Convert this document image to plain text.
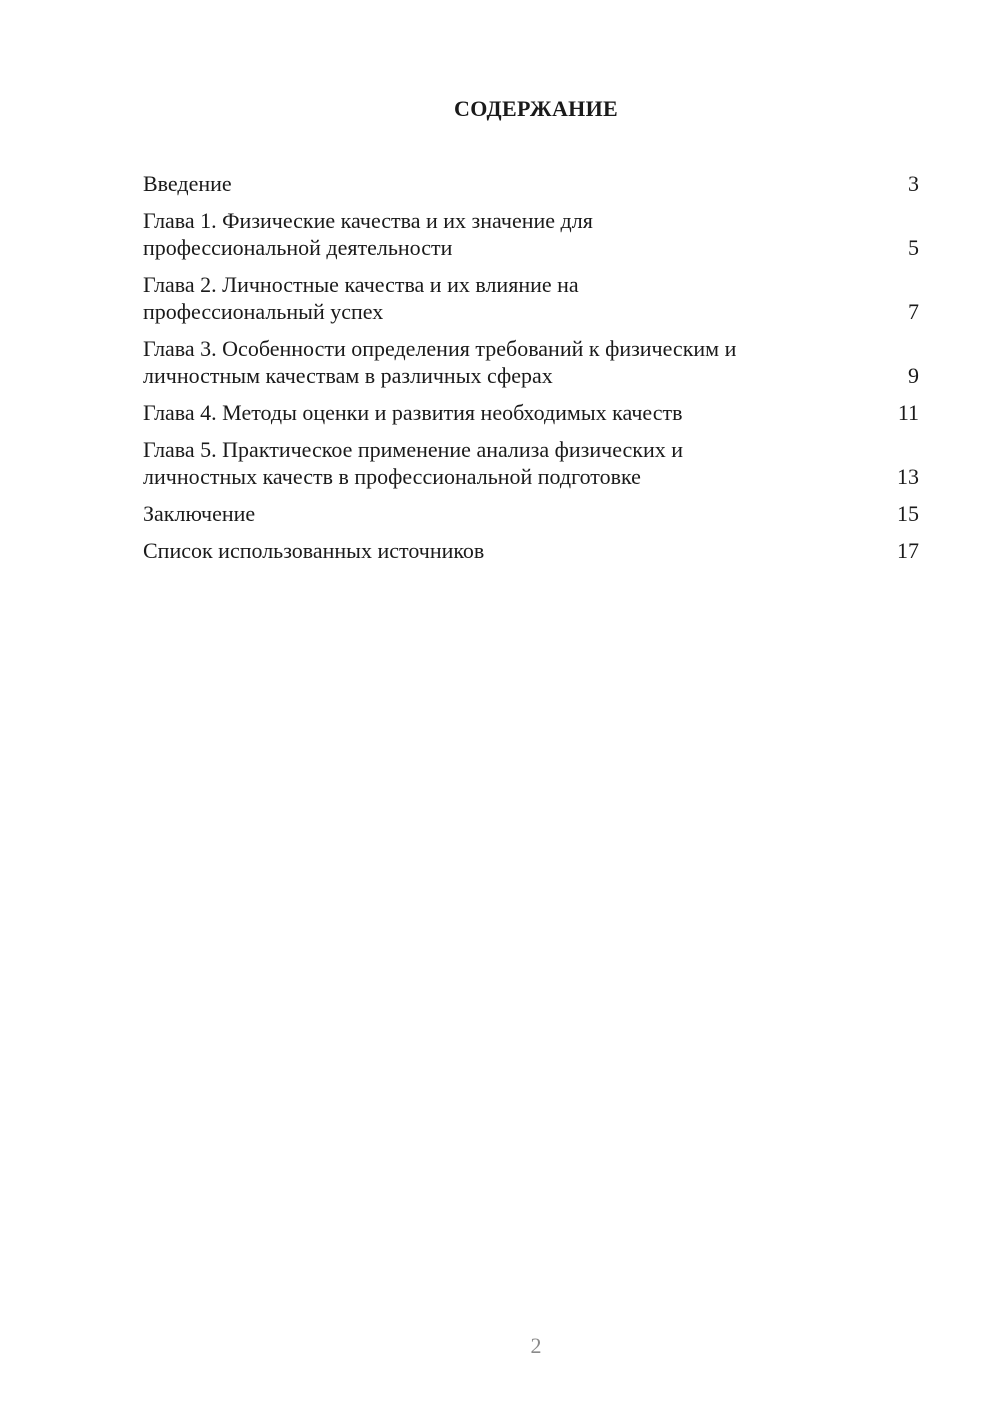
СОДЕРЖАНИЕ
Введение	3
Глава 1. Физические качества и их значение для
профессиональной деятельности	5
Глава 2. Личностные качества и их влияние на
профессиональный успех	7
Глава 3. Особенности определения требований к физическим и
личностным качествам в различных сферах	9
Глава 4. Методы оценки и развития необходимых качеств	11
Глава 5. Практическое применение анализа физических и
личностных качеств в профессиональной подготовке	13
Заключение	15
Список использованных источников	17
2
